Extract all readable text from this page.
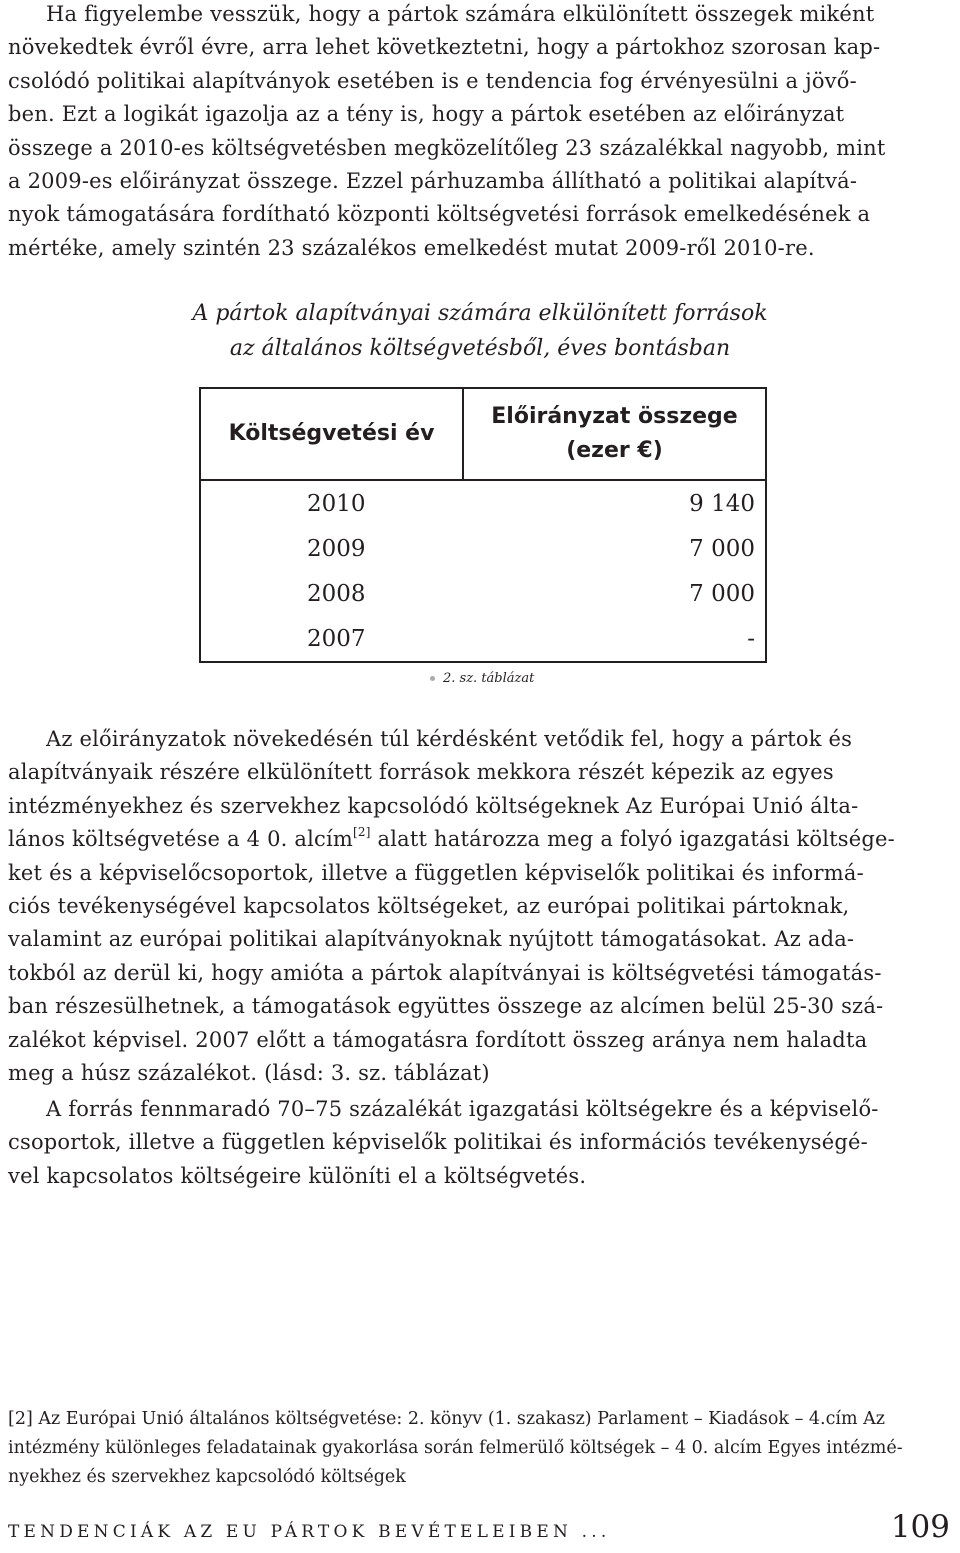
Ha figyelembe vesszük, hogy a pártok számára elkülönített összegek miként
növekedtek évről évre, arra lehet következtetni, hogy a pártokhoz szorosan kap-
csolódó politikai alapítványok esetében is e tendencia fog érvényesülni a jövő-
ben. Ezt a logikát igazolja az a tény is, hogy a pártok esetében az előirányzat
összege a 2010-es költségvetésben megközelítőleg 23 százalékkal nagyobb, mint
a 2009-es előirányzat összege. Ezzel párhuzamba állítható a politikai alapítvá-
nyok támogatására fordítható központi költségvetési források emelkedésének a
mértéke, amely szintén 23 százalékos emelkedést mutat 2009-ről 2010-re.

A pártok alapítványai számára elkülönített források
az általános költségvetésből, éves bontásban
Költségvetési év	Előirányzat összege
(ezer €)
2010	9 140
2009	7 000
2008	7 000
2007	-
2. sz. táblázat

Az előirányzatok növekedésén túl kérdésként vetődik fel, hogy a pártok és
alapítványaik részére elkülönített források mekkora részét képezik az egyes
intézményekhez és szervekhez kapcsolódó költségeknek Az Európai Unió álta-
lános költségvetése a 4 0. alcím[2] alatt határozza meg a folyó igazgatási költsége-
ket és a képviselőcsoportok, illetve a független képviselők politikai és informá-
ciós tevékenységével kapcsolatos költségeket, az európai politikai pártoknak,
valamint az európai politikai alapítványoknak nyújtott támogatásokat. Az ada-
tokból az derül ki, hogy amióta a pártok alapítványai is költségvetési támogatás-
ban részesülhetnek, a támogatások együttes összege az alcímen belül 25-30 szá-
zalékot képvisel. 2007 előtt a támogatásra fordított összeg aránya nem haladta
meg a húsz százalékot. (lásd: 3. sz. táblázat)

A forrás fennmaradó 70–75 százalékát igazgatási költségekre és a képviselő-
csoportok, illetve a független képviselők politikai és információs tevékenységé-
vel kapcsolatos költségeire különíti el a költségvetés.

[2] Az Európai Unió általános költségvetése: 2. könyv (1. szakasz) Parlament – Kiadások – 4.cím Az
intézmény különleges feladatainak gyakorlása során felmerülő költségek – 4 0. alcím Egyes intézmé-
nyekhez és szervekhez kapcsolódó költségek
TENDENCIÁK AZ EU PÁRTOK BEVÉTELEIBEN ...	109
